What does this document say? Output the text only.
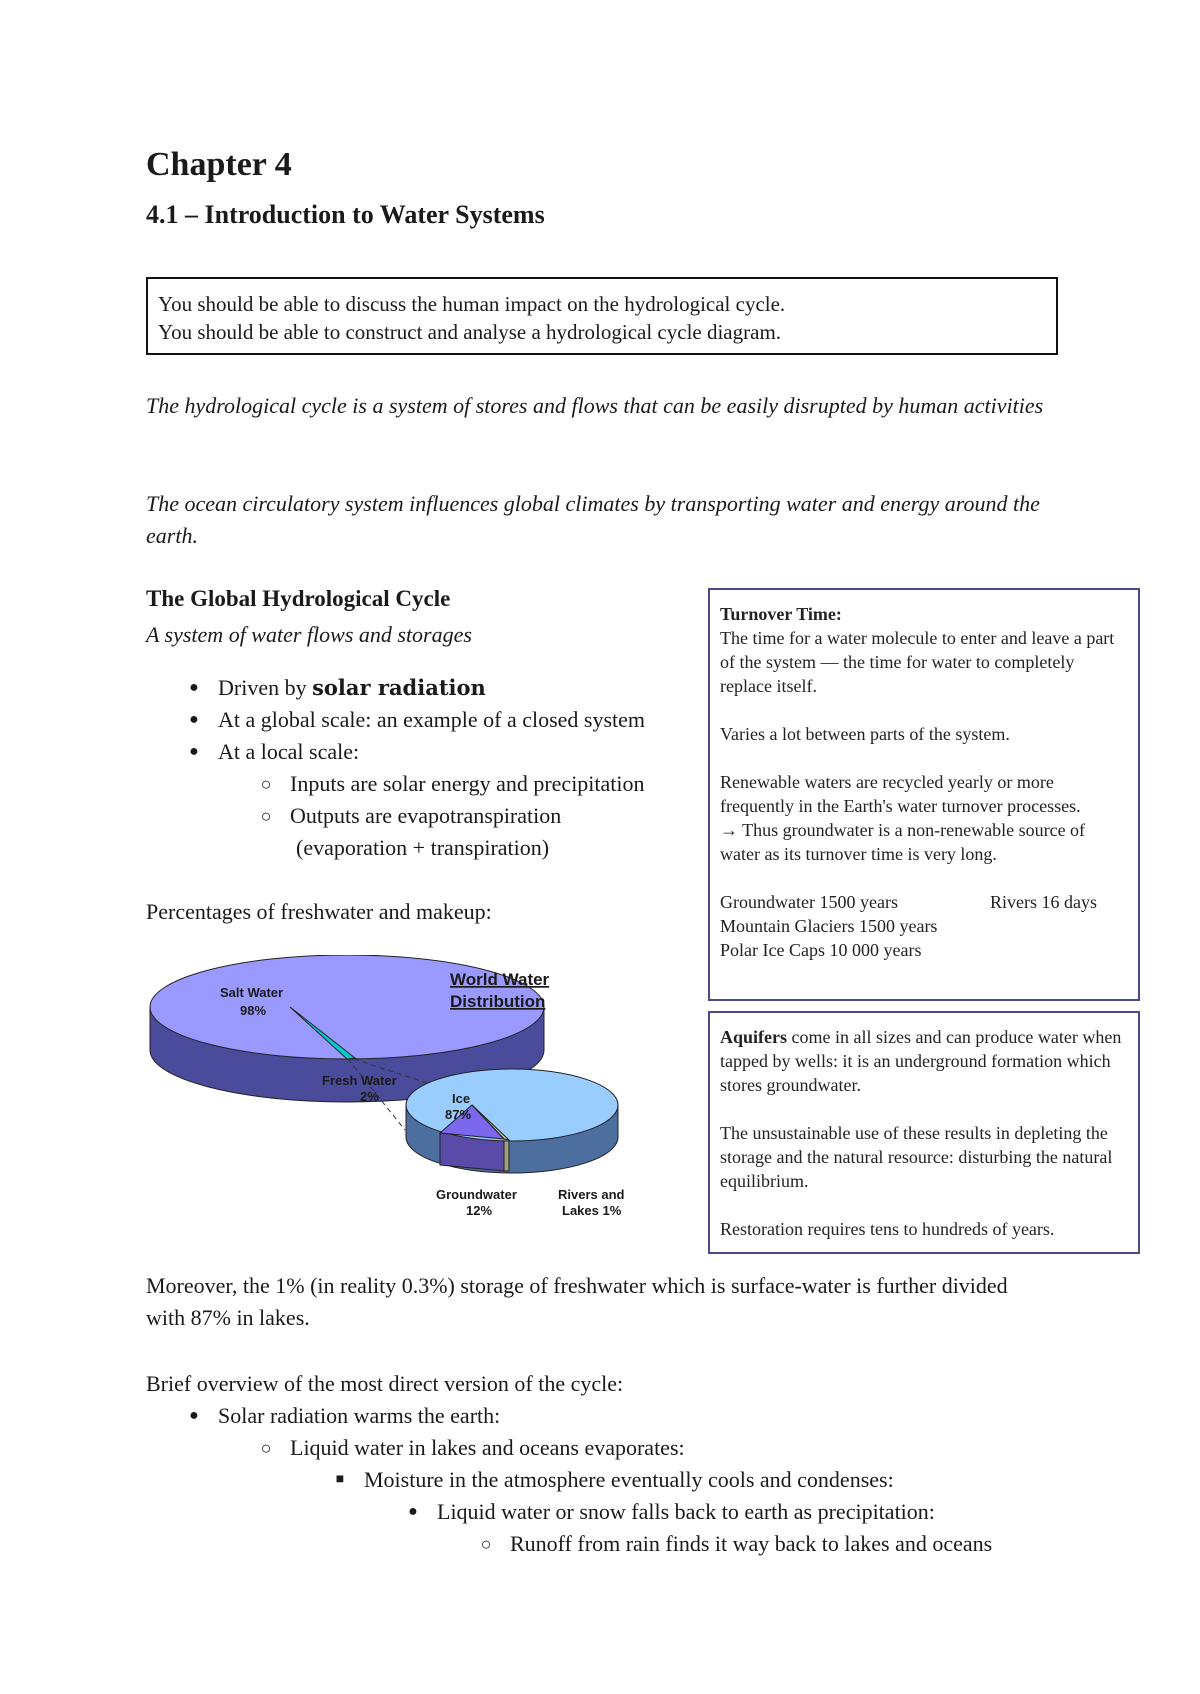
Chapter 4
4.1 – Introduction to Water Systems
You should be able to discuss the human impact on the hydrological cycle.
You should be able to construct and analyse a hydrological cycle diagram.

The hydrological cycle is a system of stores and flows that can be easily disrupted by human activities

The ocean circulatory system influences global climates by transporting water and energy around the earth.

The Global Hydrological Cycle

A system of water flows and storages

● Driven by solar radiation
● At a global scale: an example of a closed system
● At a local scale:
○ Inputs are solar energy and precipitation
○ Outputs are evapotranspiration
(evaporation + transpiration)

Percentages of freshwater and makeup:

World Water
Distribution
Salt Water
98%
Fresh Water
2%	Ice
87%
Groundwater
12%
Rivers and
Lakes 1%

Turnover Time:

The time for a water molecule to enter and leave a part of the system — the time for water to completely replace itself.

Varies a lot between parts of the system.

Renewable waters are recycled yearly or more frequently in the Earth's water turnover processes.

→ Thus groundwater is a non-renewable source of water as its turnover time is very long.

Groundwater 1500 years	Rivers 16 days

Mountain Glaciers 1500 years

Polar Ice Caps 10 000 years

Aquifers come in all sizes and can produce water when tapped by wells: it is an underground formation which stores groundwater.

The unsustainable use of these results in depleting the storage and the natural resource: disturbing the natural equilibrium.

Restoration requires tens to hundreds of years.

Moreover, the 1% (in reality 0.3%) storage of freshwater which is surface-water is further divided with 87% in lakes.

Brief overview of the most direct version of the cycle:

● Solar radiation warms the earth:
○ Liquid water in lakes and oceans evaporates:
■ Moisture in the atmosphere eventually cools and condenses:
● Liquid water or snow falls back to earth as precipitation:
○ Runoff from rain finds it way back to lakes and oceans
